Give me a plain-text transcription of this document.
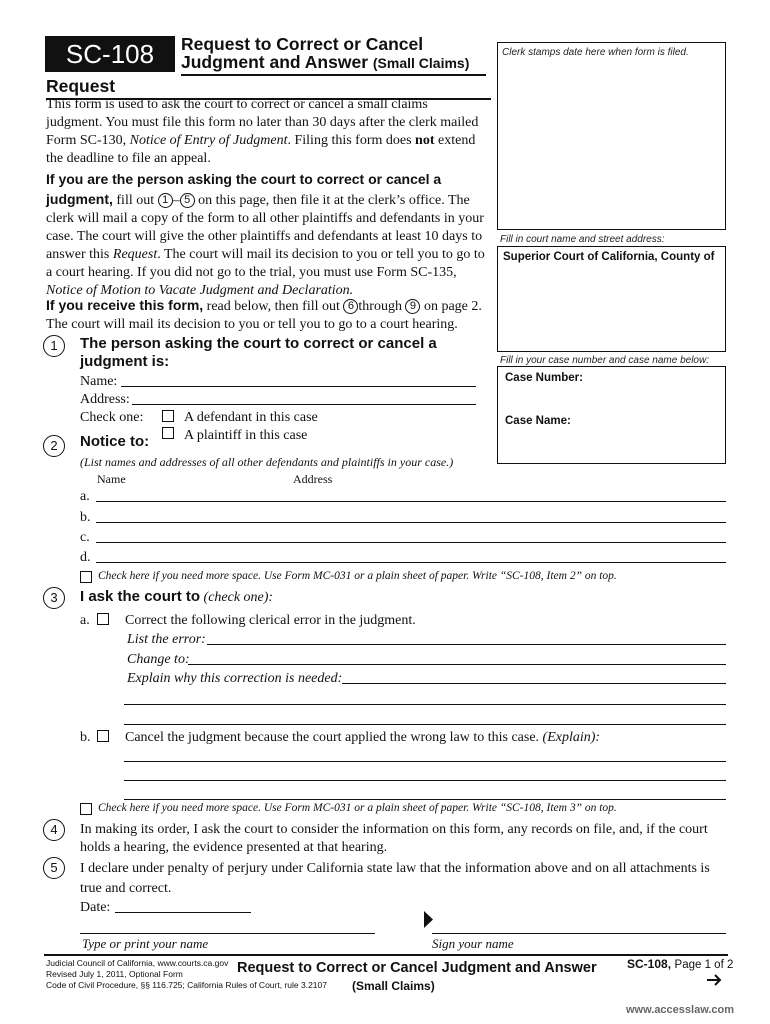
SC-108	Request to Correct or Cancel
Judgment and Answer (Small Claims)
Request
This form is used to ask the court to correct or cancel a small claims judgment. You must file this form no later than 30 days after the clerk mailed Form SC-130, Notice of Entry of Judgment. Filing this form does not extend the deadline to file an appeal.
If you are the person asking the court to correct or cancel a judgment, fill out 1 – 5 on this page, then file it at the clerk’s office. The clerk will mail a copy of the form to all other plaintiffs and defendants in your case. The court will give the other plaintiffs and defendants at least 10 days to answer this Request. The court will mail its decision to you or tell you to go to a court hearing. If you did not go to the trial, you must use Form SC-135, Notice of Motion to Vacate Judgment and Declaration.
If you receive this form, read below, then fill out 6 through 9 on page 2.
The court will mail its decision to you or tell you to go to a court hearing.
Clerk stamps date here when form is filed.
Fill in court name and street address:
Superior Court of California, County of
Fill in your case number and case name below:
Case Number:
Case Name:
1	The person asking the court to correct or cancel a
judgment is:
Name:
Address:
Check one:	A defendant in this case
A plaintiff in this case
2	Notice to:
(List names and addresses of all other defendants and plaintiffs in your case.)
Name	Address
a.
b.
c.
d.
Check here if you need more space. Use Form MC-031 or a plain sheet of paper. Write “SC-108, Item 2” on top.
3	I ask the court to (check one):
a.	Correct the following clerical error in the judgment.
List the error:
Change to:
Explain why this correction is needed:
b. Cancel the judgment because the court applied the wrong law to this case. (Explain):
Check here if you need more space. Use Form MC-031 or a plain sheet of paper. Write “SC-108, Item 3” on top.
4	In making its order, I ask the court to consider the information on this form, any records on file, and, if the court
holds a hearing, the evidence presented at that hearing.
5	I declare under penalty of perjury under California state law that the information above and on all attachments is
true and correct.
Date:
Type or print your name	Sign your name
Judicial Council of California, www.courts.ca.gov
Revised July 1, 2011, Optional Form
Code of Civil Procedure, §§ 116.725; California Rules of Court, rule 3.2107
Request to Correct or Cancel Judgment and Answer
(Small Claims)
SC-108, Page 1 of 2
www.accesslaw.com
